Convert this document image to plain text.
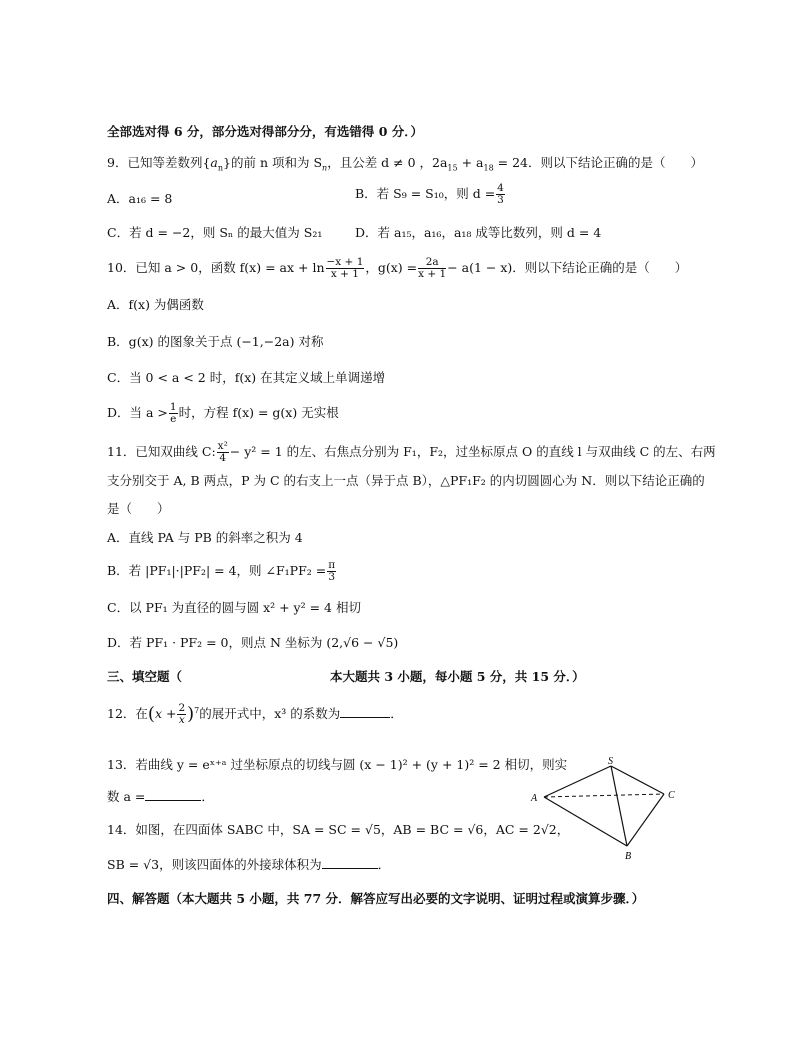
全部选对得 6 分，部分选对得部分分，有选错得 0 分．）
9．已知等差数列$\{a_n\}$的前 n 项和为 $S_n$，且公差 d ≠ 0 ，$2a_{15} + a_{18} = 24$．则以下结论正确的是（　　）
A．a₁₆ = 8	B．若 S₉ = S₁₀，则 $d = \frac{4}{3}$
C．若 d = −2，则 Sₙ 的最大值为 S₂₁	D．若 a₁₅，a₁₆，a₁₈ 成等比数列，则 d = 4
10．已知 a > 0，函数 f(x) = ax + $\ln \frac{-x + 1}{x + 1}$ ，$g(x) = \frac{2a}{x + 1} - a(1 - x)$．则以下结论正确的是（　　）
A．f(x) 为偶函数
B．g(x) 的图象关于点 (−1,−2a) 对称
C．当 0 < a < 2 时，f(x) 在其定义域上单调递增
D．当 $a > \frac{1}{e}$ 时，方程 f(x) = g(x) 无实根
11．已知双曲线 C: $\frac{\text{x²}}{4} - y^2 = 1$ 的左、右焦点分别为 F₁，F₂，过坐标原点 O 的直线 l 与双曲线 C 的左、右两
支分别交于 A, B 两点，P 为 C 的右支上一点（异于点 B），△PF₁F₂ 的内切圆圆心为 N．则以下结论正确的
是（　　）
A．直线 PA 与 PB 的斜率之积为 4
B．若 |PF₁|·|PF₂| = 4，则 ∠F₁PF₂ = $\frac{\pi}{3}$
C．以 PF₁ 为直径的圆与圆 x² + y² = 4 相切
D．若 PF₁ · PF₂ = 0，则点 N 坐标为 (2,√6 − √5)
三、填空题（	本大题共 3 小题，每小题 5 分，共 15 分．）
12．在$(x + \frac{2}{x})^7$的展开式中，x³ 的系数为	．
13．若曲线 y = eˣ⁺ᵃ 过坐标原点的切线与圆 (x − 1)² + (y + 1)² = 2 相切，则实
数 a =	．
14．如图，在四面体 SABC 中，SA = SC = √5，AB = BC = √6，AC = 2√2，
SB = √3，则该四面体的外接球体积为	．
四、解答题（本大题共 5 小题，共 77 分．解答应写出必要的文字说明、证明过程或演算步骤．）
S
A
B
C
